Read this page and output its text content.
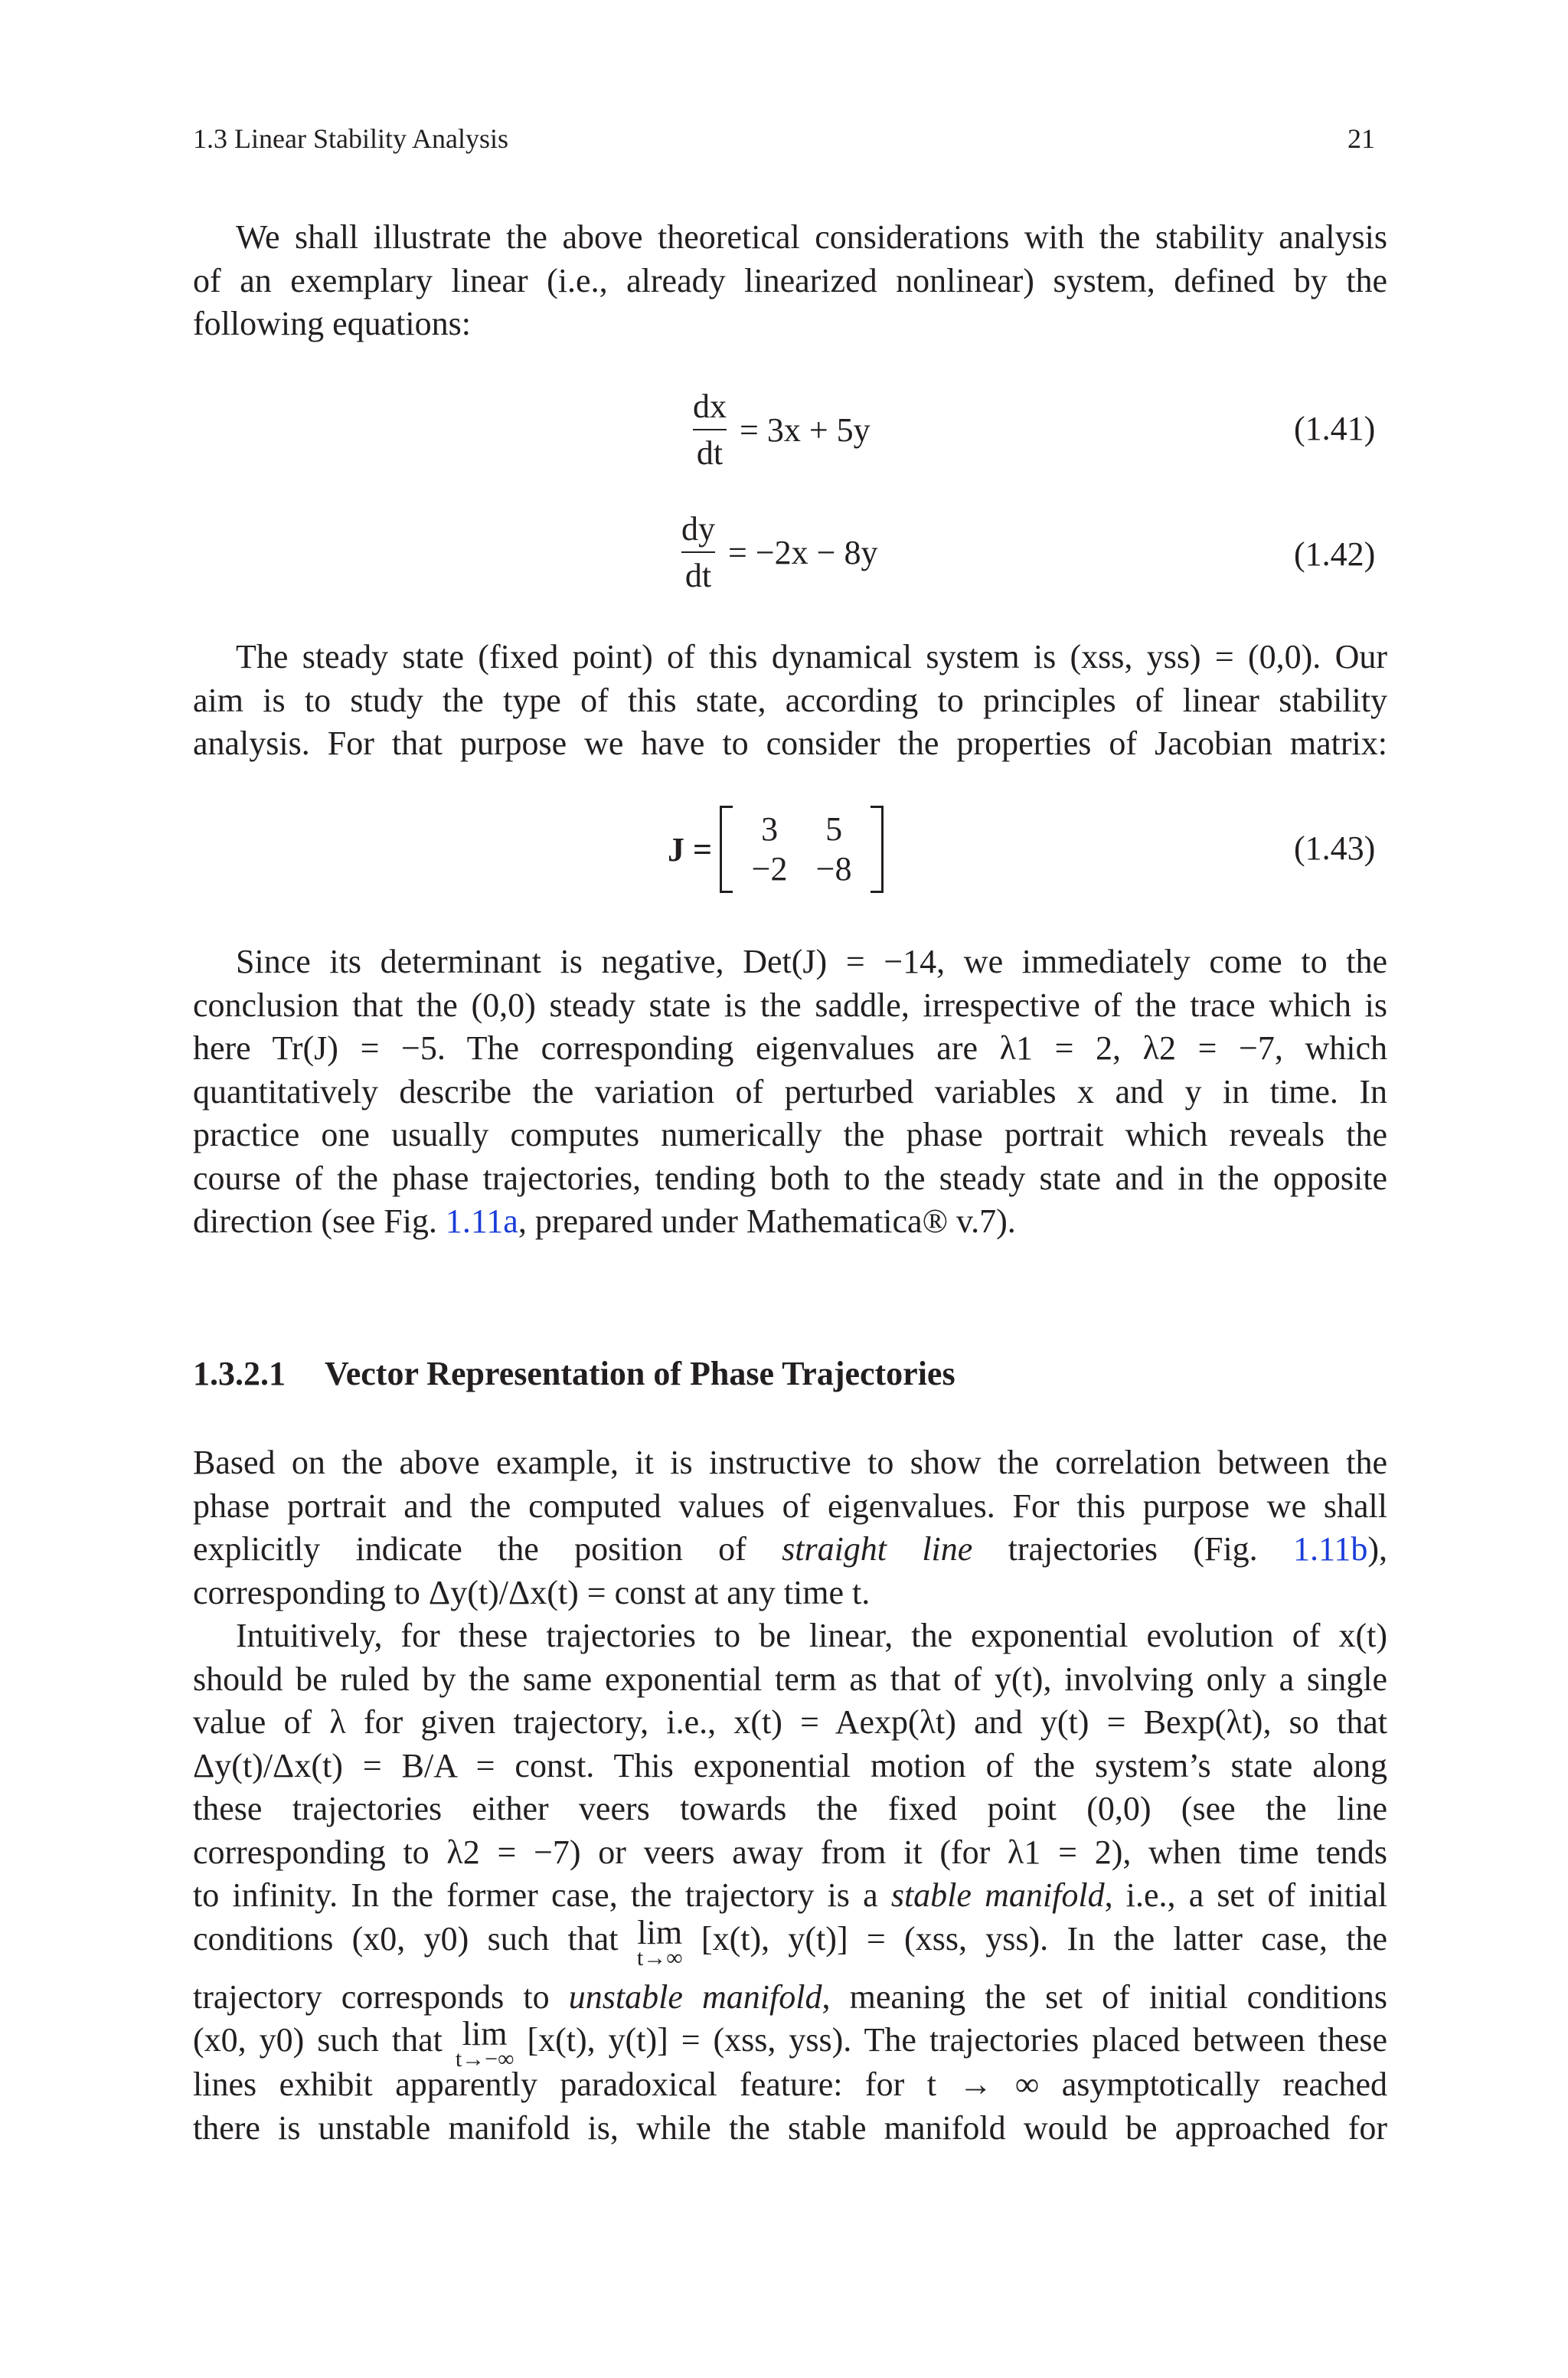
1.3 Linear Stability Analysis	21
We shall illustrate the above theoretical considerations with the stability analysis
of an exemplary linear (i.e., already linearized nonlinear) system, defined by the
following equations:
$\frac{dx}{dt} = 3x + 5y$	(1.41)
$\frac{dy}{dt} = -2x - 8y$	(1.42)
The steady state (fixed point) of this dynamical system is (xss, yss) = (0,0). Our
aim is to study the type of this state, according to principles of linear stability
analysis. For that purpose we have to consider the properties of Jacobian matrix:
J =
3	5
−2 −8
(1.43)
Since its determinant is negative, Det(J) = −14, we immediately come to the
conclusion that the (0,0) steady state is the saddle, irrespective of the trace which is
here Tr(J) = −5. The corresponding eigenvalues are λ1 = 2, λ2 = −7, which
quantitatively describe the variation of perturbed variables x and y in time. In
practice one usually computes numerically the phase portrait which reveals the
course of the phase trajectories, tending both to the steady state and in the opposite
direction (see Fig. 1.11a, prepared under Mathematica® v.7).
1.3.2.1 Vector Representation of Phase Trajectories
Based on the above example, it is instructive to show the correlation between the
phase portrait and the computed values of eigenvalues. For this purpose we shall
explicitly indicate the position of straight line trajectories (Fig. 1.11b),
corresponding to Δy(t)/Δx(t) = const at any time t.
Intuitively, for these trajectories to be linear, the exponential evolution of x(t)
should be ruled by the same exponential term as that of y(t), involving only a single
value of λ for given trajectory, i.e., x(t) = Aexp(λt) and y(t) = Bexp(λt), so that
Δy(t)/Δx(t) = B/A = const. This exponential motion of the system’s state along
these trajectories either veers towards the fixed point (0,0) (see the line
corresponding to λ2 = −7) or veers away from it (for λ1 = 2), when time tends
to infinity. In the former case, the trajectory is a stable manifold, i.e., a set of initial
conditions (x0, y0) such that lim
t→∞
[x(t), y(t)] = (xss, yss). In the latter case, the
trajectory corresponds to unstable manifold, meaning the set of initial conditions
(x0, y0) such that lim
t→−∞
[x(t), y(t)] = (xss, yss). The trajectories placed between these
lines exhibit apparently paradoxical feature: for t → ∞ asymptotically reached
there is unstable manifold is, while the stable manifold would be approached for
